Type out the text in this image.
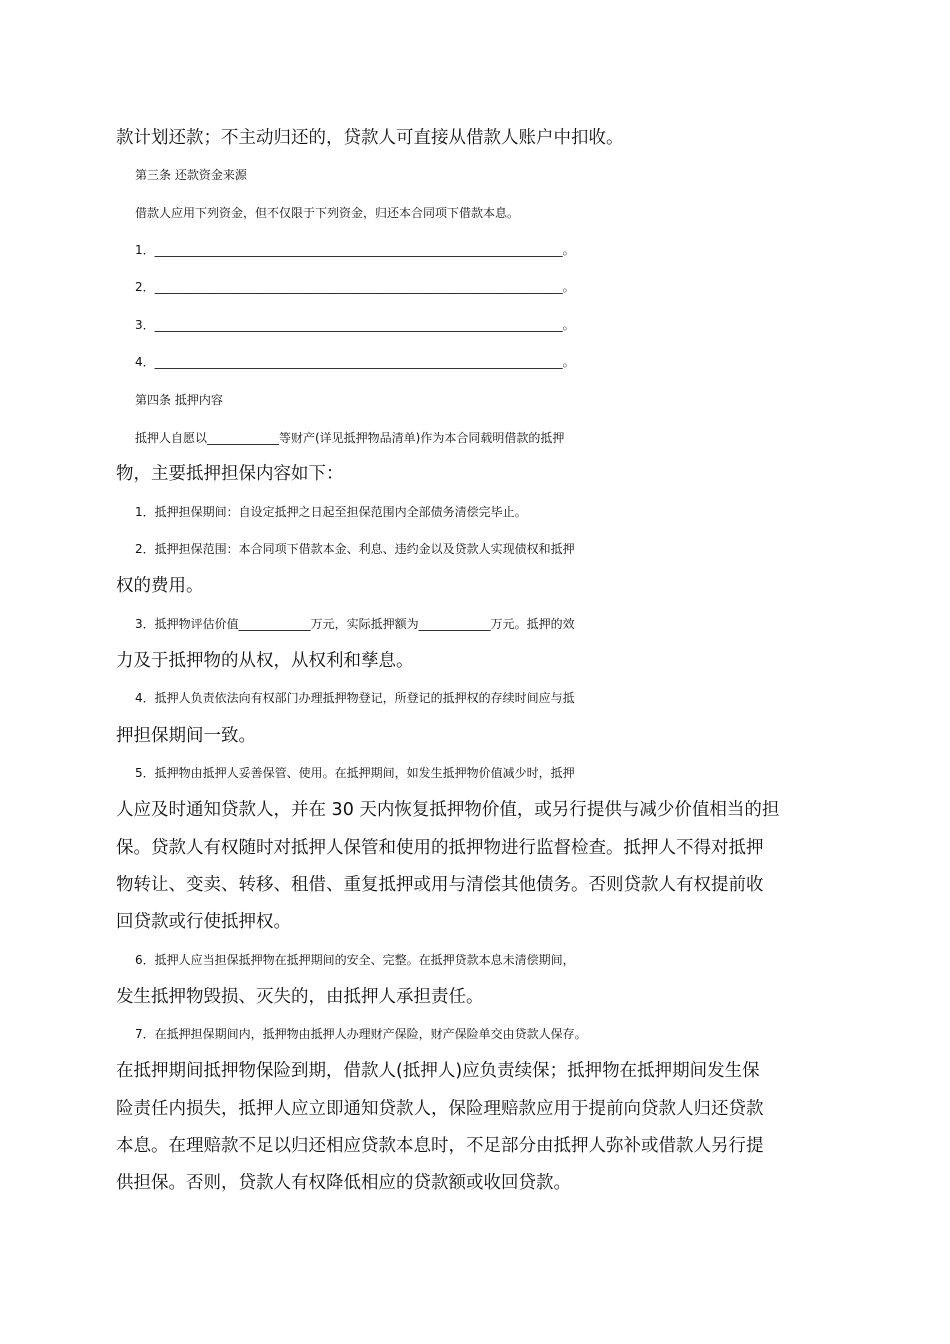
款计划还款；不主动归还的，贷款人可直接从借款人账户中扣收。
第三条 还款资金来源
借款人应用下列资金，但不仅限于下列资金，归还本合同项下借款本息。
1．____________________________________________________________________。
2．____________________________________________________________________。
3．____________________________________________________________________。
4．____________________________________________________________________。
第四条 抵押内容
抵押人自愿以____________等财产(详见抵押物品清单)作为本合同载明借款的抵押
物，主要抵押担保内容如下：
1．抵押担保期间：自设定抵押之日起至担保范围内全部债务清偿完毕止。
2．抵押担保范围：本合同项下借款本金、利息、违约金以及贷款人实现债权和抵押
权的费用。
3．抵押物评估价值____________万元，实际抵押额为____________万元。抵押的效
力及于抵押物的从权，从权利和孳息。
4．抵押人负责依法向有权部门办理抵押物登记，所登记的抵押权的存续时间应与抵
押担保期间一致。
5．抵押物由抵押人妥善保管、使用。在抵押期间，如发生抵押物价值减少时，抵押
人应及时通知贷款人，并在 30 天内恢复抵押物价值，或另行提供与减少价值相当的担
保。贷款人有权随时对抵押人保管和使用的抵押物进行监督检查。抵押人不得对抵押
物转让、变卖、转移、租借、重复抵押或用与清偿其他债务。否则贷款人有权提前收
回贷款或行使抵押权。
6．抵押人应当担保抵押物在抵押期间的安全、完整。在抵押贷款本息未清偿期间，
发生抵押物毁损、灭失的，由抵押人承担责任。
7．在抵押担保期间内，抵押物由抵押人办理财产保险，财产保险单交由贷款人保存。
在抵押期间抵押物保险到期，借款人(抵押人)应负责续保；抵押物在抵押期间发生保
险责任内损失，抵押人应立即通知贷款人，保险理赔款应用于提前向贷款人归还贷款
本息。在理赔款不足以归还相应贷款本息时，不足部分由抵押人弥补或借款人另行提
供担保。否则，贷款人有权降低相应的贷款额或收回贷款。
